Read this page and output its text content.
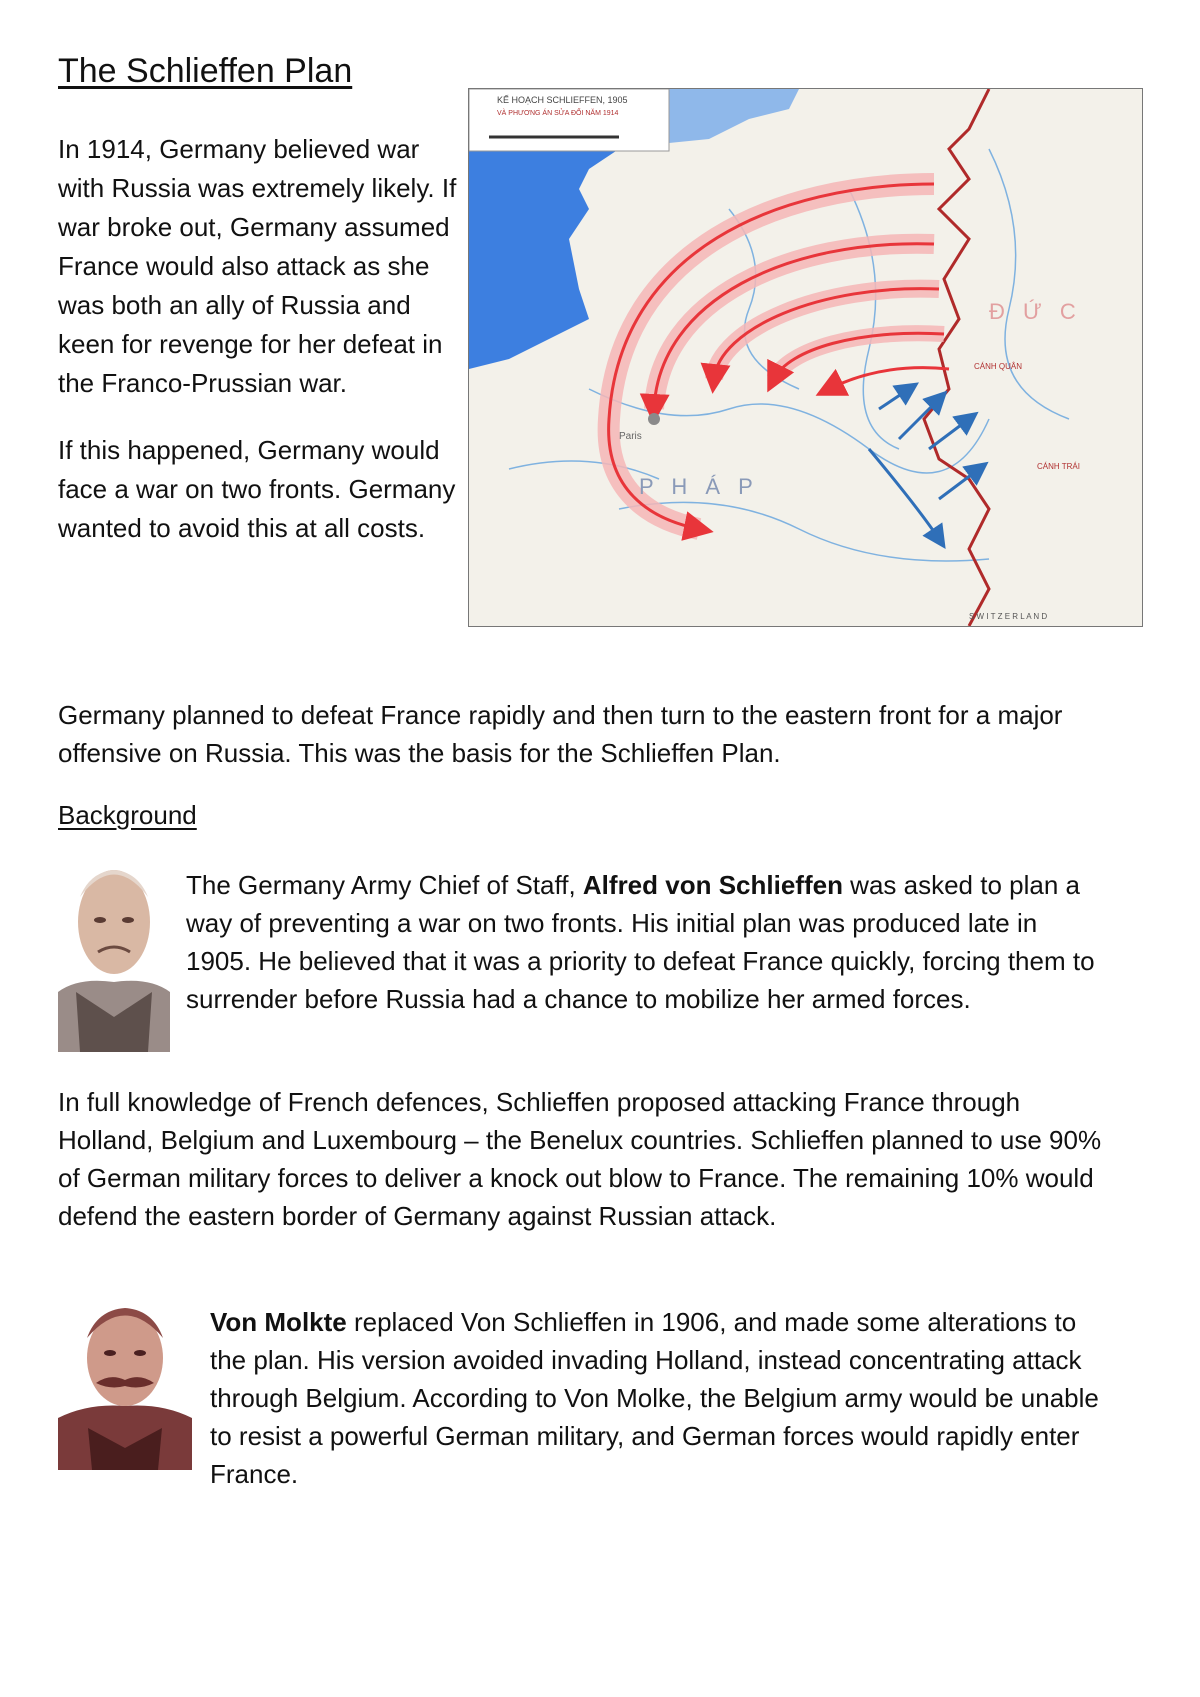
The Schlieffen Plan

In 1914, Germany believed war with Russia was extremely likely. If war broke out, Germany assumed France would also attack as she was both an ally of Russia and keen for revenge for her defeat in the Franco-Prussian war.

If this happened, Germany would face a war on two fronts. Germany wanted to avoid this at all costs.

Paris
KẾ HOẠCH SCHLIEFFEN, 1905
VÀ PHƯƠNG ÁN SỬA ĐỔI NĂM 1914
P H Á P
Đ Ứ C
CÁNH QUÂN
CÁNH TRÁI
S W I T Z E R L A N D

Germany planned to defeat France rapidly and then turn to the eastern front for a major offensive on Russia. This was the basis for the Schlieffen Plan.

Background

The Germany Army Chief of Staff, Alfred von Schlieffen was asked to plan a way of preventing a war on two fronts. His initial plan was produced late in 1905. He believed that it was a priority to defeat France quickly, forcing them to surrender before Russia had a chance to mobilize her armed forces.

In full knowledge of French defences, Schlieffen proposed attacking France through Holland, Belgium and Luxembourg – the Benelux countries. Schlieffen planned to use 90% of German military forces to deliver a knock out blow to France. The remaining 10% would defend the eastern border of Germany against Russian attack.

Von Molkte replaced Von Schlieffen in 1906, and made some alterations to the plan. His version avoided invading Holland, instead concentrating attack through Belgium. According to Von Molke, the Belgium army would be unable to resist a powerful German military, and German forces would rapidly enter France.
